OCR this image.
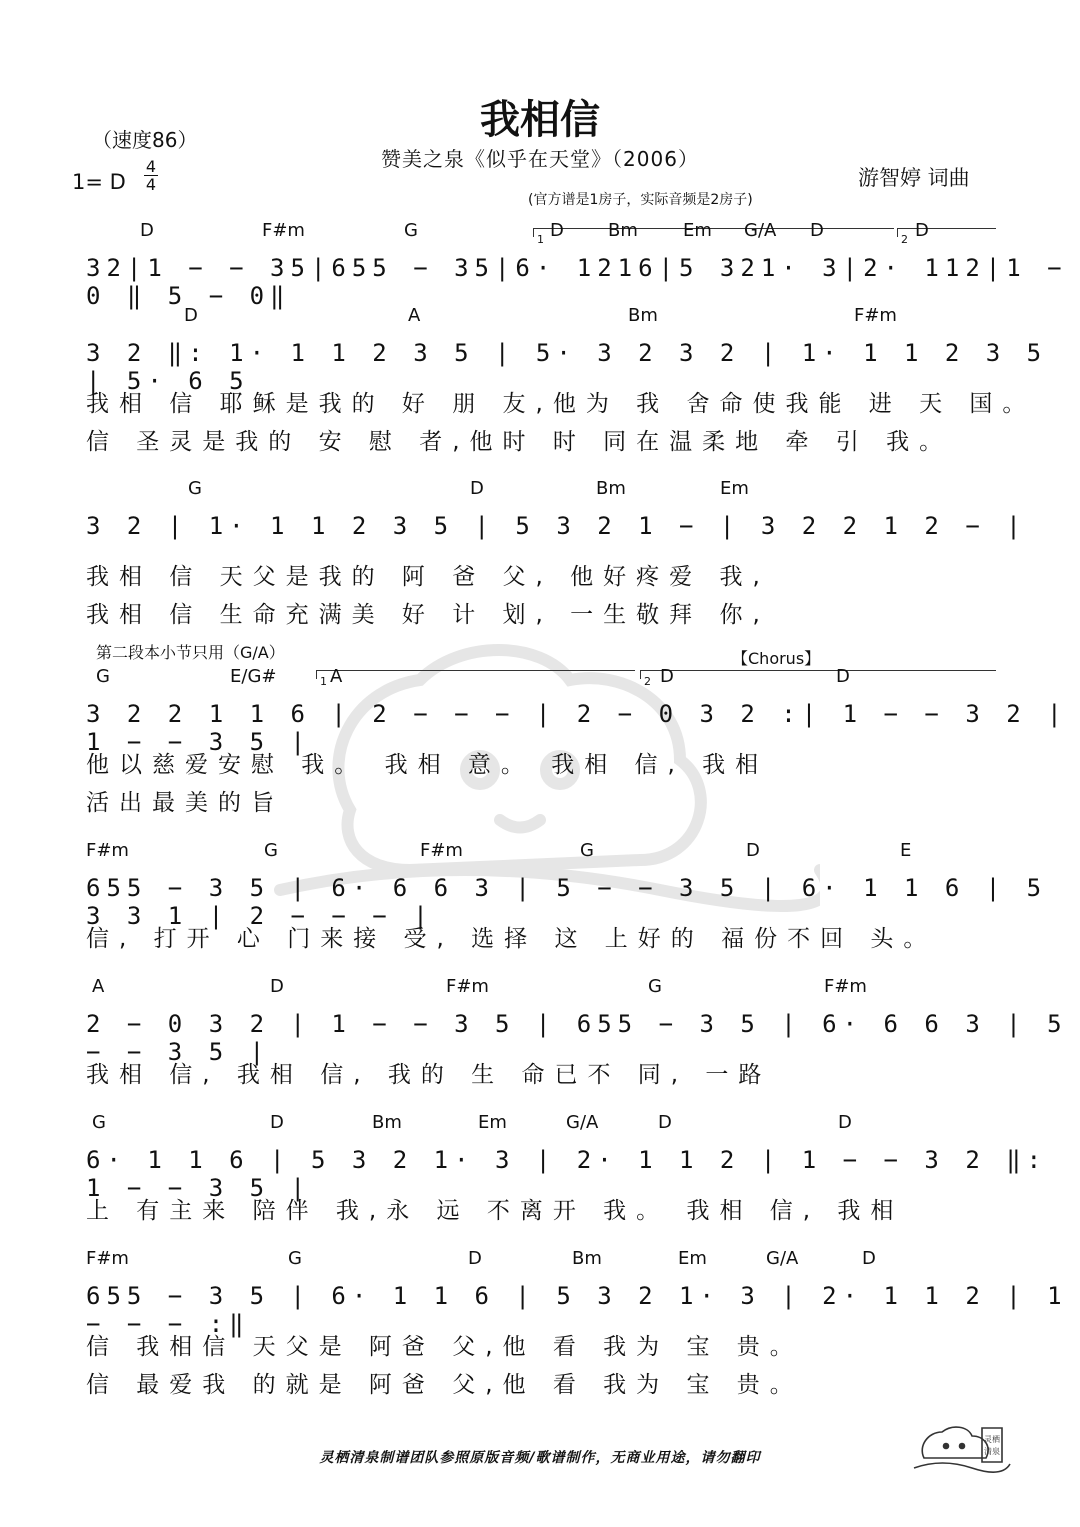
我相信
赞美之泉《似乎在天堂》（2006）
（速度86）
1= D
4
4	游智婷 词曲
(官方谱是1房子，实际音频是2房子)
1	2
D	F#m	G	D Bm	Em G/A D	D
32|1 − − 35|655 − 35|6· 1216|5 321· 3|2· 112|1 − 0 ‖ 5 − 0‖
D	A	Bm	F#m
3 2 ‖: 1· 1 1 2 3 5 | 5· 3 2 3 2 | 1· 1 1 2 3 5 | 5· 6 5
我相 信 耶稣是我的 好 朋 友,他为 我 舍命使我能 进 天 国。
信 圣灵是我的 安 慰 者,他时 时 同在温柔地 牵 引 我。
G	D	Bm	Em
3 2 | 1· 1 1 2 3 5 | 5 3 2 1 − | 3 2 2 1 2 − |
我相 信 天父是我的 阿 爸 父, 他好疼爱 我,
我相 信 生命充满美 好 计 划, 一生敬拜 你,
第二段本小节只用（G/A）	【Chorus】
1	2
G	E/G#	A	D	D
3 2 2 1 1 6 | 2 − − − | 2 − 0 3 2 :| 1 − − 3 2 | 1 − − 3 5 |
他以慈爱安慰 我。 我相 意。 我相 信, 我相
活出最美的旨
F#m	G	F#m	G	D	E
655 − 3 5 | 6· 6 6 3 | 5 − − 3 5 | 6· 1 1 6 | 5 3 3 1 | 2 − − − |
信, 打开 心 门来接 受, 选择 这 上好的 福份不回 头。
A	D	F#m	G	F#m
2 − 0 3 2 | 1 − − 3 5 | 655 − 3 5 | 6· 6 6 3 | 5 − − 3 5 |
我相 信, 我相 信, 我的 生 命已不 同, 一路
G	D	Bm	Em	G/A	D	D
6· 1 1 6 | 5 3 2 1· 3 | 2· 1 1 2 | 1 − − 3 2 ‖: 1 − − 3 5 |
上 有主来 陪伴 我,永 远 不离开 我。 我相 信, 我相
F#m	G	D	Bm	Em	G/A	D
655 − 3 5 | 6· 1 1 6 | 5 3 2 1· 3 | 2· 1 1 2 | 1 − − − :‖
信 我相信 天父是 阿爸 父,他 看 我为 宝 贵。
信 最爱我 的就是 阿爸 父,他 看 我为 宝 贵。
灵栖
清泉
灵栖清泉制谱团队参照原版音频/歌谱制作，无商业用途，请勿翻印
